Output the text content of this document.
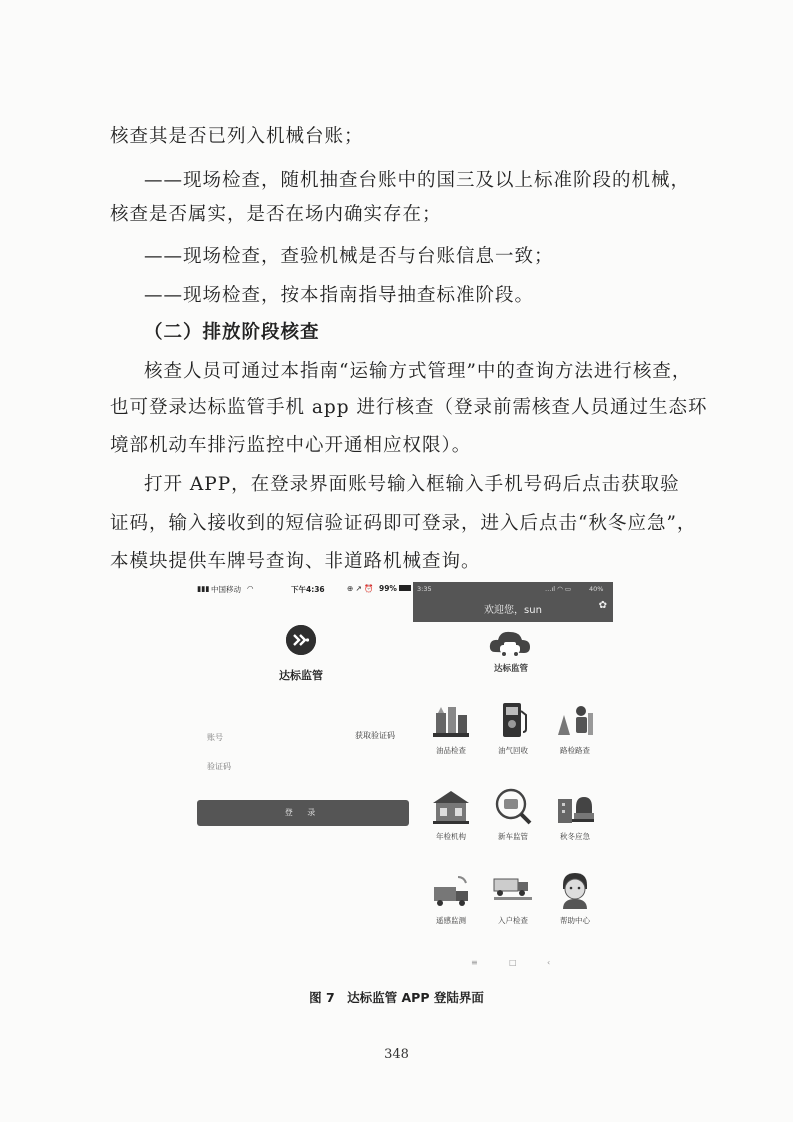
核查其是否已列入机械台账；
——现场检查，随机抽查台账中的国三及以上标准阶段的机械，
核查是否属实，是否在场内确实存在；
——现场检查，查验机械是否与台账信息一致；
——现场检查，按本指南指导抽查标准阶段。
（二）排放阶段核查
核查人员可通过本指南“运输方式管理”中的查询方法进行核查，
也可登录达标监管手机 app 进行核查（登录前需核查人员通过生态环
境部机动车排污监控中心开通相应权限）。
打开 APP，在登录界面账号输入框输入手机号码后点击获取验
证码，输入接收到的短信验证码即可登录，进入后点击“秋冬应急”，
本模块提供车牌号查询、非道路机械查询。
▮▮▮ 中国移动 ◠	下午4:36	⊕ ↗ ⏰ 99%
达标监管
账号	获取验证码
验证码
登 录
3:35	…ıl ◠ ▭	40%
欢迎您，sun	✿
达标监管
油品检查	油气回收	路检路查
年检机构	新车监管	秋冬应急
遥感监测	入户检查	帮助中心
≡	□	‹
图 7　达标监管 APP 登陆界面
348
